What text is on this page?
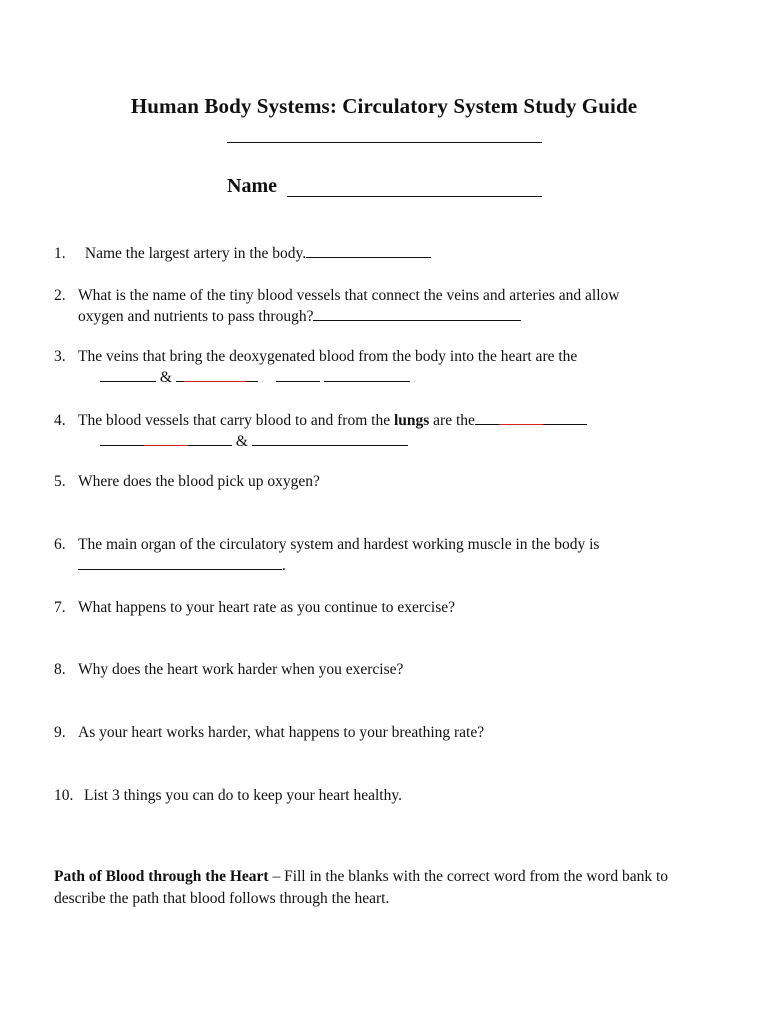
Human Body Systems: Circulatory System Study Guide
Name
1. Name the largest artery in the body.
2. What is the name of the tiny blood vessels that connect the veins and arteries and allow
oxygen and nutrients to pass through?
3. The veins that bring the deoxygenated blood from the body into the heart are the
&
4. The blood vessels that carry blood to and from the lungs are the
&
5. Where does the blood pick up oxygen?
6. The main organ of the circulatory system and hardest working muscle in the body is
.
7. What happens to your heart rate as you continue to exercise?
8. Why does the heart work harder when you exercise?
9. As your heart works harder, what happens to your breathing rate?
10. List 3 things you can do to keep your heart healthy.
Path of Blood through the Heart – Fill in the blanks with the correct word from the word bank to describe the path that blood follows through the heart.
